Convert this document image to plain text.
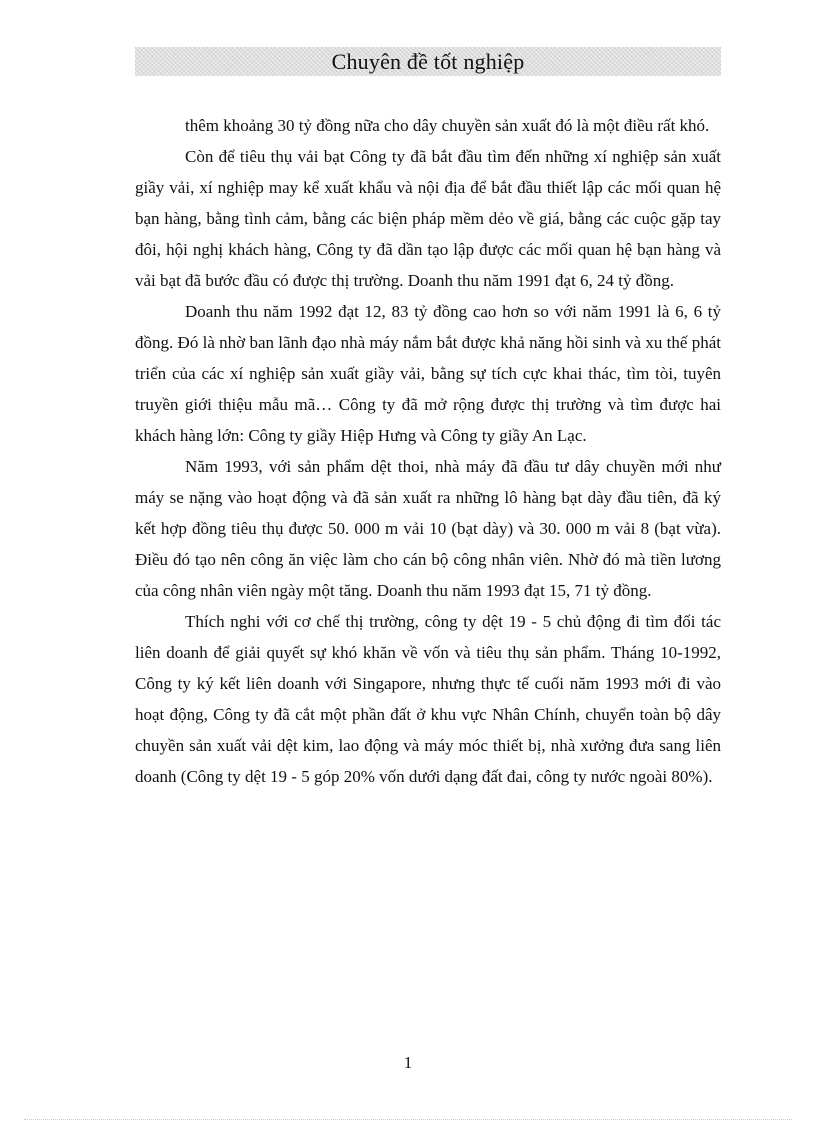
Chuyên đề tốt nghiệp

thêm khoảng 30 tỷ đồng nữa cho dây chuyền sản xuất đó là một điều rất khó.

Còn để tiêu thụ vải bạt Công ty đã bắt đầu tìm đến những xí nghiệp sản xuất giầy vải, xí nghiệp may kể xuất khẩu và nội địa để bắt đầu thiết lập các mối quan hệ bạn hàng, bằng tình cảm, bằng các biện pháp mềm dẻo về giá, bằng các cuộc gặp tay đôi, hội nghị khách hàng, Công ty đã dần tạo lập được các mối quan hệ bạn hàng và vải bạt đã bước đầu có được thị trường. Doanh thu năm 1991 đạt 6, 24 tỷ đồng.

Doanh thu năm 1992 đạt 12, 83 tỷ đồng cao hơn so với năm 1991 là 6, 6 tỷ đồng. Đó là nhờ ban lãnh đạo nhà máy nắm bắt được khả năng hồi sinh và xu thế phát triển của các xí nghiệp sản xuất giầy vải, bằng sự tích cực khai thác, tìm tòi, tuyên truyền giới thiệu mẫu mã… Công ty đã mở rộng được thị trường và tìm được hai khách hàng lớn: Công ty giầy Hiệp Hưng và Công ty giầy An Lạc.

Năm 1993, với sản phẩm dệt thoi, nhà máy đã đầu tư dây chuyền mới như máy se nặng vào hoạt động và đã sản xuất ra những lô hàng bạt dày đầu tiên, đã ký kết hợp đồng tiêu thụ được 50. 000 m vải 10 (bạt dày) và 30. 000 m vải 8 (bạt vừa). Điều đó tạo nên công ăn việc làm cho cán bộ công nhân viên. Nhờ đó mà tiền lương của công nhân viên ngày một tăng. Doanh thu năm 1993 đạt 15, 71 tỷ đồng.

Thích nghi với cơ chế thị trường, công ty dệt 19 - 5 chủ động đi tìm đối tác liên doanh để giải quyết sự khó khăn về vốn và tiêu thụ sản phẩm. Tháng 10-1992, Công ty ký kết liên doanh với Singapore, nhưng thực tế cuối năm 1993 mới đi vào hoạt động, Công ty đã cắt một phần đất ở khu vực Nhân Chính, chuyển toàn bộ dây chuyền sản xuất vải dệt kim, lao động và máy móc thiết bị, nhà xưởng đưa sang liên doanh (Công ty dệt 19 - 5 góp 20% vốn dưới dạng đất đai, công ty nước ngoài 80%).

1
